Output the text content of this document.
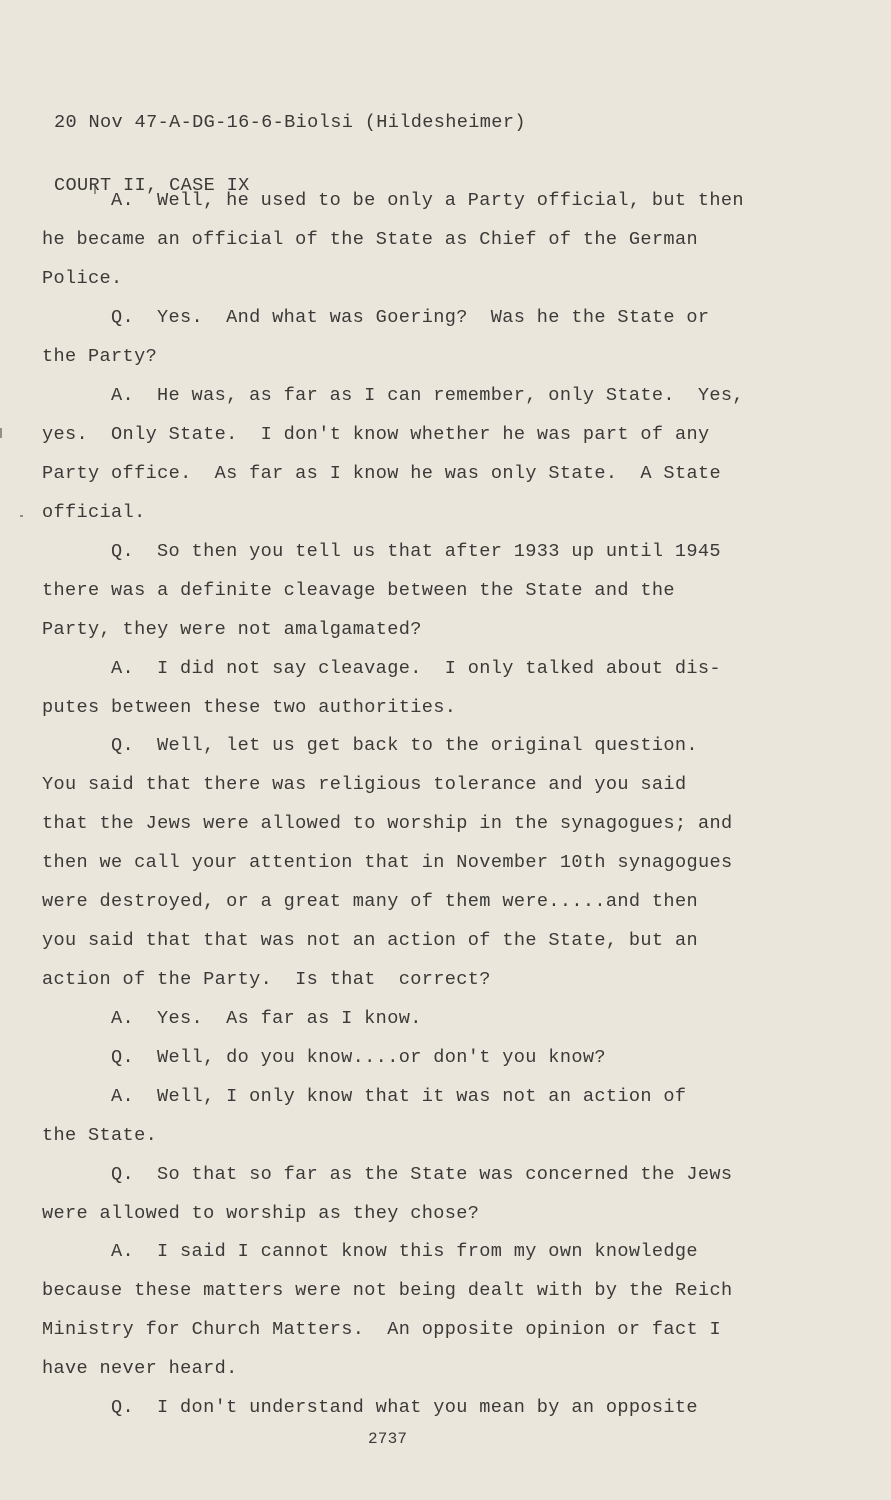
20 Nov 47-A-DG-16-6-Biolsi (Hildesheimer)

COURT II, CASE IX

A.  Well, he used to be only a Party official, but then
he became an official of the State as Chief of the German
Police.
Q.  Yes.  And what was Goering?  Was he the State or
the Party?
A.  He was, as far as I can remember, only State.  Yes,
yes.  Only State.  I don't know whether he was part of any
Party office.  As far as I know he was only State.  A State
official.
Q.  So then you tell us that after 1933 up until 1945
there was a definite cleavage between the State and the
Party, they were not amalgamated?
A.  I did not say cleavage.  I only talked about dis-
putes between these two authorities.
Q.  Well, let us get back to the original question.
You said that there was religious tolerance and you said
that the Jews were allowed to worship in the synagogues; and
then we call your attention that in November 10th synagogues
were destroyed, or a great many of them were.....and then
you said that that was not an action of the State, but an
action of the Party.  Is that  correct?
A.  Yes.  As far as I know.
Q.  Well, do you know....or don't you know?
A.  Well, I only know that it was not an action of
the State.
Q.  So that so far as the State was concerned the Jews
were allowed to worship as they chose?
A.  I said I cannot know this from my own knowledge
because these matters were not being dealt with by the Reich
Ministry for Church Matters.  An opposite opinion or fact I
have never heard.
Q.  I don't understand what you mean by an opposite
2737
